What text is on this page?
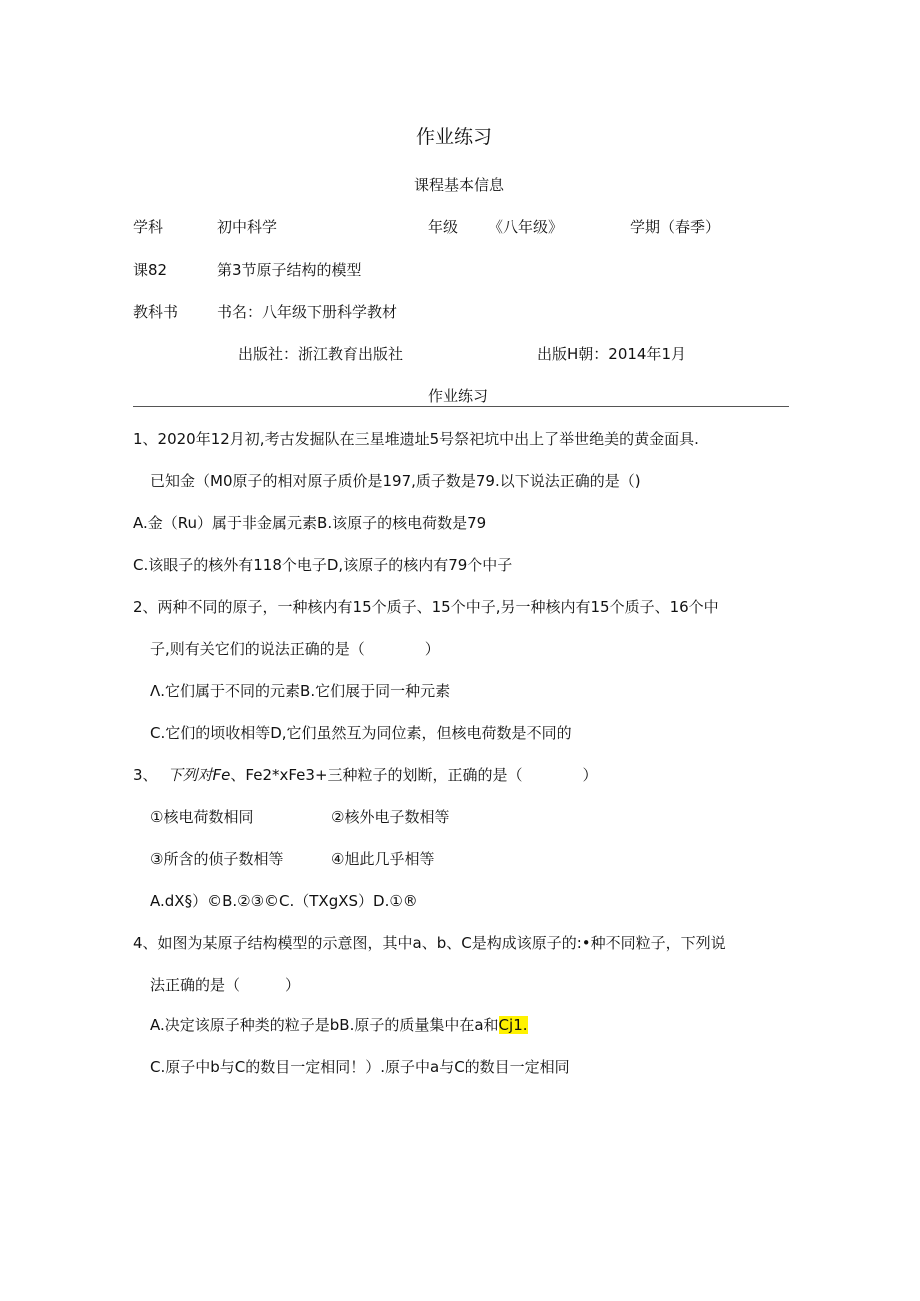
作业练习
课程基本信息
学科	初中科学	年级 《八年级》	学期（春季）
课82	第3节原子结构的模型
教科书	书名：八年级下册科学教材
出版社：浙江教育出版社	出版H朝：2014年1月
作业练习
1、2020年12月初,考古发掘队在三星堆遗址5号祭祀坑中出上了举世绝美的黄金面具.
已知金（M0原子的相对原子质价是197,质子数是79.以下说法正确的是（)
A.金（Ru）属于非金属元素B.该原子的核电荷数是79
C.该眼子的核外有118个电子D,该原子的核内有79个中子
2、两种不同的原子，一种核内有15个质子、15个中子,另一种核内有15个质子、16个中
子,则有关它们的说法正确的是（　　　　）
Λ.它们属于不同的元素B.它们展于同一种元素
C.它们的顷收相等D,它们虽然互为同位素，但核电荷数是不同的
3、 下列对Fe、Fe2*xFe3+三种粒子的划断，正确的是（　　　　）
①核电荷数相同	②核外电子数相等
③所含的侦子数相等	④旭此几乎相等
A.dX§）©B.②③©C.（TXgXS）D.①®
4、如图为某原子结构模型的示意图，其中a、b、C是构成该原子的:•种不同粒子，下列说
法正确的是（　　　）
A.决定该原子种类的粒子是bB.原子的质量集中在a和Cj1.
C.原子中b与C的数目一定相同！）.原子中a与C的数目一定相同
